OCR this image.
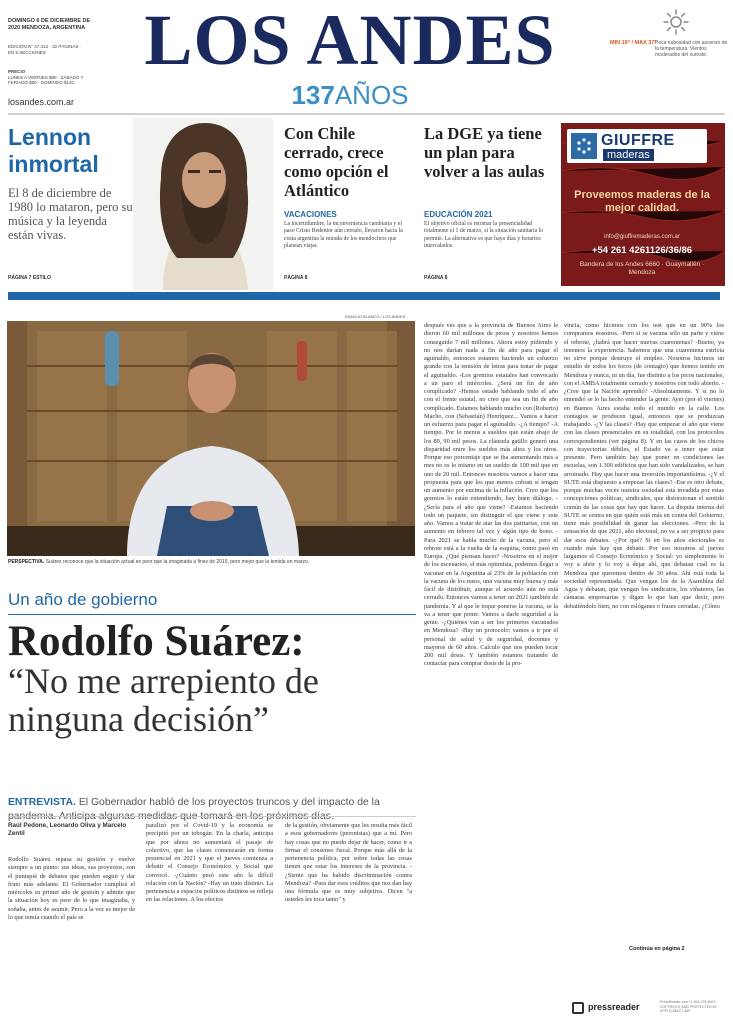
DOMINGO 6 DE DICIEMBRE DE 2020 MENDOZA, ARGENTINA
EDICIÓN N° 47.413 · 32 PÁGINAS · EN 5 SECCIONES
PRECIO
LUNES A VIERNES $80 · SÁBADO Y FERIADO $80 · DOMINGO $140
losandes.com.ar
LOS ANDES
137AÑOS
MIN 19° / MAX 37°
Poca nubosidad con ascenso de la temperatura. Vientos moderados del sureste.
Lennon inmortal
El 8 de diciembre de 1980 lo mataron, pero su música y la leyenda están vivas.
PÁGINA 7 ESTILO
Con Chile cerrado, crece como opción el Atlántico
VACACIONES
La incertidumbre, la inconveniencia cambiaria y el paso Cristo Redentor aún cerrado, llevaron hacia la costa argentina la mirada de los mendocinos que planean viajar.
PÁGINA 8
La DGE ya tiene un plan para volver a las aulas
EDUCACIÓN 2021
El objetivo oficial es retomar la presencialidad totalmente el 1 de marzo, si la situación sanitaria lo permite. La alternativa es que haya días y horarios intercalados.
PÁGINA 8
GIUFFRE
maderas
Proveemos maderas de la mejor calidad.
info@giuffremaderas.com.ar
+54 261 4261126/36/86
Bandera de los Andes 6660 · Guaymallén · Mendoza
IGNACIO BLANCO / LOS ANDES
PERSPECTIVA. Suárez reconoce que la situación actual es peor que la imaginada a fines de 2019, pero mejor que la temida en marzo.
Un año de gobierno
Rodolfo Suárez:
“No me arrepiento de ninguna decisión”
ENTREVISTA. El Gobernador habló de los proyectos truncos y del impacto de la
Raúl Pedone, Leonardo Oliva y Marcelo Zentil
Rodolfo Suárez repasa su gestión y vuelve siempre a un punto: sus ideas, sus proyectos, son el puntapié de debates que pueden seguir y dar fruto más adelante. El Gobernador cumplirá el miércoles su primer año de gestión y admite que la situación hoy es peor de lo que imaginaba, y soñaba, antes de asumir. Pero a la vez es mejor de lo que temía cuando el país se
paralizó por el Covid-19 y la economía se precipitó por un tobogán. En la charla, anticipa que por ahora no aumentará el pasaje de colectivo, que las clases comenzarán en forma presencial en 2021 y que el jueves comienza a debatir el Consejo Económico y Social que convocó. -¿Cuánto pesó este año la difícil relación con la Nación? -Hay un trato distinto. La pertenencia a espacios políticos distintos se refleja en las relaciones. A los efectos
de la gestión, obviamente que les resulta más fácil a esos gobernadores (peronistas) que a mí. Pero hay cosas que no puedo dejar de hacer, como ir a firmar el consenso fiscal. Porque más allá de la pertenencia política, por sobre todas las cosas tienen que estar los intereses de la provincia. -¿Siente que ha habido discriminación contra Mendoza? -Para dar esos créditos que nos dan hay una fórmula que es muy subjetiva. Dicen "a ustedes les toca tanto" y
después ves que a la provincia de Buenos Aires le dieron 60 mil millones de pesos y nosotros hemos conseguido 7 mil millones. Ahora estoy pidiendo y no nos darían nada a fin de año para pagar el aguinaldo, entonces estamos haciendo un esfuerzo grande con la emisión de letras para tratar de pagar el aguinaldo. -Los gremios estatales han convocado a un paro el miércoles. ¿Será un fin de año complicado? -Hemos estado hablando todo el año con el frente estatal, no creo que sea un fin de año complicado. Estamos hablando mucho con (Roberto) Macho, con (Sebastián) Henríquez... Vamos a hacer un esfuerzo para pagar el aguinaldo. -¿A tiempo? -A tiempo. Por lo menos a sueldos que están abajo de los 80, 90 mil pesos. La cláusula gatillo generó una disparidad entre los sueldos más altos y los otros. Porque eso porcentaje que se iba aumentando mes a mes no es lo mismo en un sueldo de 100 mil que en uno de 20 mil. Entonces nosotros vamos a hacer una propuesta para que los que menos cobran sí tengan un aumento por encima de la inflación. Creo que los gremios lo están entendiendo, hay buen diálogo. -¿Sería para el año que viene? -Estamos haciendo todo un paquete, sin distinguir el que viene y este año. Vamos a tratar de atar las dos paritarias, con un aumento en febrero tal vez y algún tipo de bono. -Para 2021 se habla mucho de la vacuna, pero el rebrote está a la vuelta de la esquina, como pasó en Europa. ¿Qué piensan hacer? -Nosotros en el mejor de los escenarios, el más optimista, podemos llegar a vacunar en la Argentina al 23% de la población con la vacuna de los rusos, una vacuna muy buena y más fácil de distribuir, aunque el acuerdo aún no está cerrado. Entonces vamos a tener un 2021 también de pandemia. Y al que le toque ponerse la vacuna, se la va a tener que poner. Vamos a darle seguridad a la gente. -¿Quiénes van a ser los primeros vacunados en Mendoza? -Hay un protocolo: vamos a ir por el personal de salud y de seguridad, docentes y mayores de 60 años. Calculo que nos pueden tocar 200 mil dosis. Y también estamos tratando de contactar para comprar dosis de la pro-
vincia, como hicimos con los test que en un 90% los compramos nosotros. -Pero si se vacuna sólo un parte y viene el rebrote, ¿habrá que hacer nuevas cuarentenas? -Bueno, ya tenemos la experiencia. Sabemos que una cuarentena estricta no sirve porque destruye el empleo. Nosotros hicimos un estudio de todos los focos (de contagio) que hemos tenido en Mendoza y nunca, ni un día, fue distinto a los picos nacionales, con el AMBA totalmente cerrado y nosotros con todo abierto. -¿Cree que la Nación aprendió? -Absolutamente. Y si no lo entendió se lo ha hecho entender la gente. Ayer (por el viernes) en Buenos Aires estaba todo el mundo en la calle. Los contagios se producen igual, entonces que se produzcan trabajando. -¿Y las clases? -Hay que empezar el año que viene con las clases presenciales en su totalidad, con los protocolos correspondientes (ver página 8). Y en las casos de los chicos con trayectorias débiles, el Estado va a tener que estar presente. Pero también hay que poner en condiciones las escuelas, son 1.300 edificios que han sido vandalizados, se han arruinado. Hay que hacer una inversión importantísima. -¿Y el SUTE está dispuesto a empezar las clases? -Ese es otro debate, porque muchas veces nuestra sociedad está invadida por estas concepciones políticas, sindicales, que distorsionan el sentido común de las cosas que hay que hacer. La disputa interna del SUTE se centra en que quién está más en contra del Gobierno, tiene más posibilidad de ganar las elecciones. -Pero de la sensación de que 2021, año electoral, no va a ser propicio para dar esos debates. -¿Por qué? Si en los años electorales es cuando más hay que debatir. Por eso nosotros el jueves largamos el Consejo Económico y Social: yo simplemente lo voy a abrir y lo voy a dejar ahí, que debatan cuál es la Mendoza que queremos dentro de 30 años. Ahí está toda la sociedad representada. Que vengan los de la Asamblea del Agua y debatan, que vengan los sindicatos, los viñateros, las cámaras empresarias y digan lo que han que decir, pero debatiéndolo bien, no con eslóganes o frases cerradas. ¿Cómo
Continúa en página 2
pressreader	PressReader.com +1 604 278 4604 · COPYRIGHT AND PROTECTED BY APPLICABLE LAW
